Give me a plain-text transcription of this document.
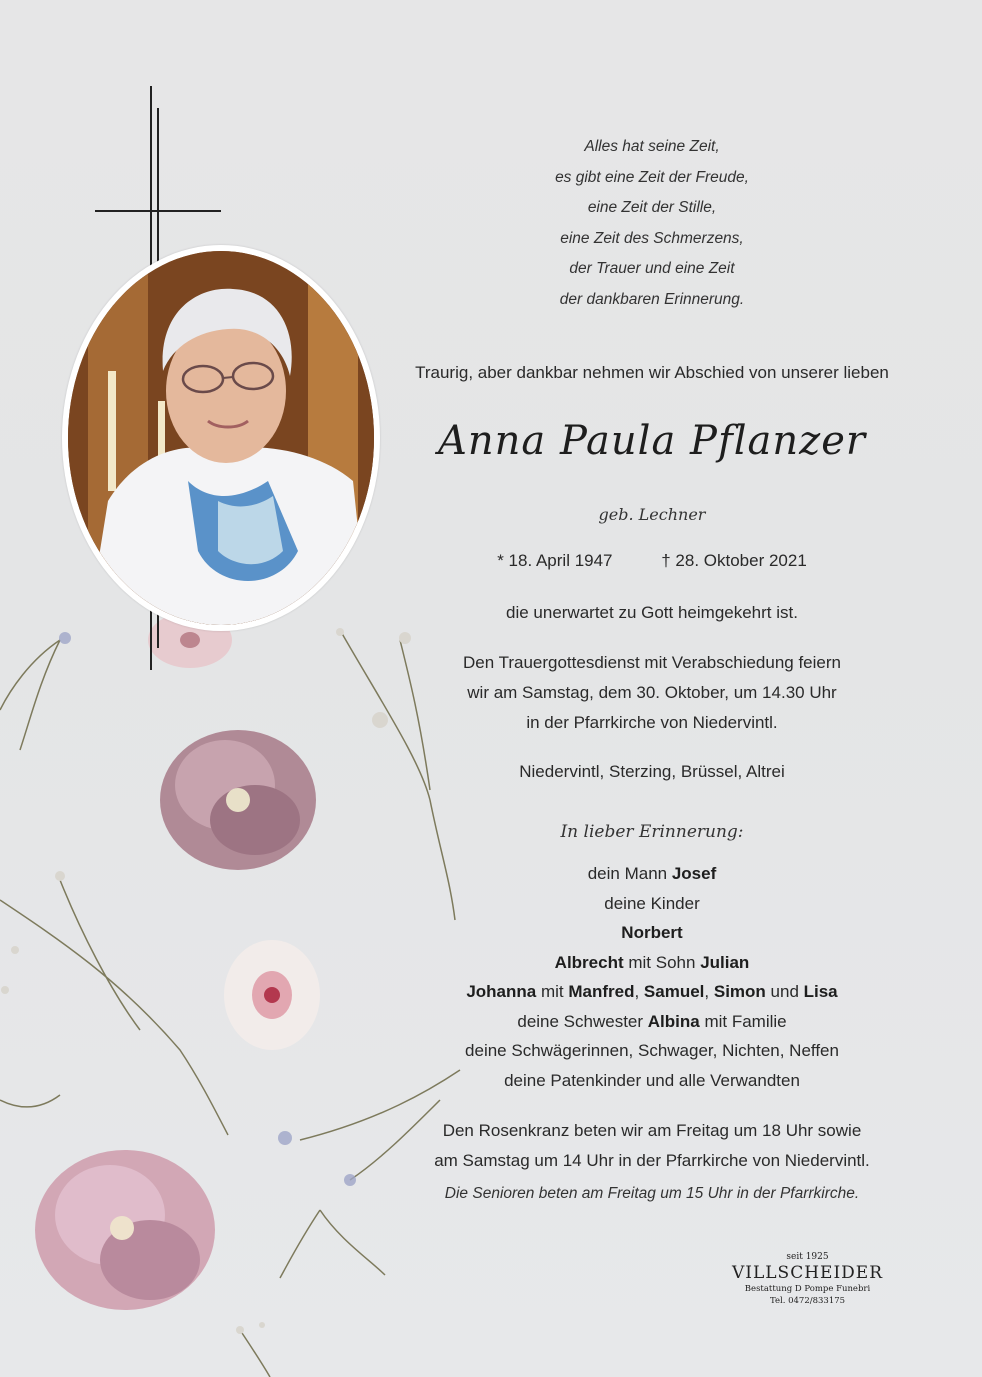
Alles hat seine Zeit,
es gibt eine Zeit der Freude,
eine Zeit der Stille,
eine Zeit des Schmerzens,
der Trauer und eine Zeit
der dankbaren Erinnerung.
Traurig, aber dankbar nehmen wir Abschied von unserer lieben
Anna Paula Pflanzer
geb. Lechner
* 18. April 1947	† 28. Oktober 2021
die unerwartet zu Gott heimgekehrt ist.
Den Trauergottesdienst mit Verabschiedung feiern
wir am Samstag, dem 30. Oktober, um 14.30 Uhr
in der Pfarrkirche von Niedervintl.
Niedervintl, Sterzing, Brüssel, Altrei
In lieber Erinnerung:
dein Mann Josef
deine Kinder
Norbert
Albrecht mit Sohn Julian
Johanna mit Manfred, Samuel, Simon und Lisa
deine Schwester Albina mit Familie
deine Schwägerinnen, Schwager, Nichten, Neffen
deine Patenkinder und alle Verwandten
Den Rosenkranz beten wir am Freitag um 18 Uhr sowie
am Samstag um 14 Uhr in der Pfarrkirche von Niedervintl.
Die Senioren beten am Freitag um 15 Uhr in der Pfarrkirche.
seit 1925
VILLSCHEIDER
Bestattung D Pompe Funebri
Tel. 0472/833175
